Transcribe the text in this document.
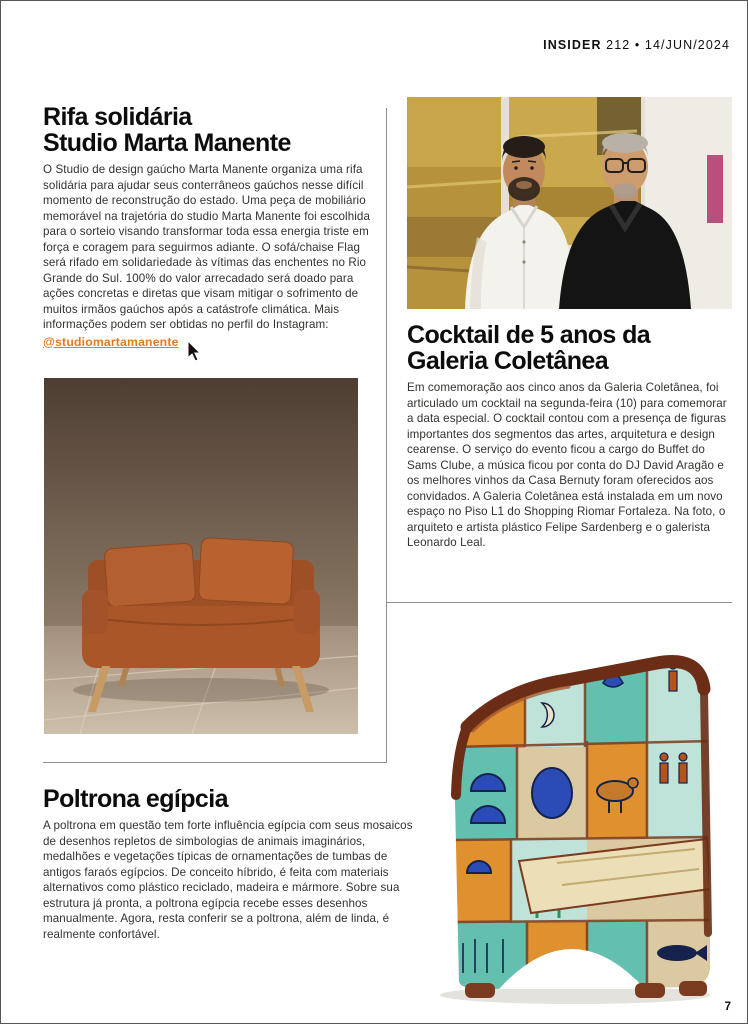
INSIDER 212 • 14/JUN/2024
Rifa solidária
Studio Marta Manente
O Studio de design gaúcho Marta Manente organiza uma rifa solidária para ajudar seus conterrâneos gaúchos nesse difícil momento de reconstrução do estado. Uma peça de mobiliário memorável na trajetória do studio Marta Manente foi escolhida para o sorteio visando transformar toda essa energia triste em força e coragem para seguirmos adiante. O sofá/chaise Flag será rifado em solidariedade às vítimas das enchentes no Rio Grande do Sul. 100% do valor arrecadado será doado para ações concretas e diretas que visam mitigar o sofrimento de muitos irmãos gaúchos após a catástrofe climática. Mais informações podem ser obtidas no perfil do Instagram:
@studiomartamanente	Cocktail de 5 anos da
Galeria Coletânea
Em comemoração aos cinco anos da Galeria Coletânea, foi articulado um cocktail na segunda-feira (10) para comemorar a data especial. O cocktail contou com a presença de figuras importantes dos segmentos das artes, arquitetura e design cearense. O serviço do evento ficou a cargo do Buffet do Sams Clube, a música ficou por conta do DJ David Aragão e os melhores vinhos da Casa Bernuty foram oferecidos aos convidados. A Galeria Coletânea está instalada em um novo espaço no Piso L1 do Shopping Riomar Fortaleza. Na foto, o arquiteto e artista plástico Felipe Sardenberg e o galerista Leonardo Leal.
Poltrona egípcia
A poltrona em questão tem forte influência egípcia com seus mosaicos de desenhos repletos de simbologias de animais imaginários, medalhões e vegetações típicas de ornamentações de tumbas de antigos faraós egípcios. De conceito híbrido, é feita com materiais alternativos como plástico reciclado, madeira e mármore. Sobre sua estrutura já pronta, a poltrona egípcia recebe esses desenhos manualmente. Agora, resta conferir se a poltrona, além de linda, é realmente confortável.
7
